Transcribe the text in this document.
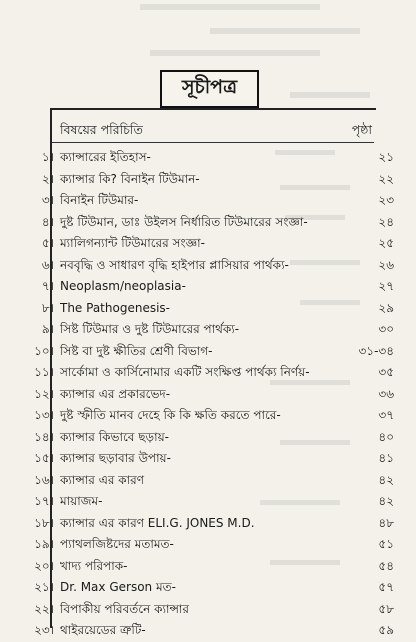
সূচীপত্র
বিষয়ের পরিচিতি	পৃষ্ঠা
১। ক্যান্সারের ইতিহাস-	২১
২। ক্যান্সার কি? বিনাইন টিউমান-	২২
৩। বিনাইন টিউমার-	২৩
৪। দুষ্ট টিউমান, ডাঃ উইলস নির্ধারিত টিউমারের সংজ্ঞা-	২৪
৫। ম্যালিগন্যান্ট টিউমারের সংজ্ঞা-	২৫
৬। নববৃদ্ধি ও সাধারণ বৃদ্ধি হাইপার প্লাসিয়ার পার্থক্য-	২৬
৭। Neoplasm/neoplasia-	২৭
৮। The Pathogenesis-	২৯
৯। সিষ্ট টিউমার ও দুষ্ট টিউমারের পার্থক্য-	৩০
১০। সিষ্ট বা দুষ্ট ক্ষীতির শ্রেণী বিভাগ-	৩১-৩৪
১১। সার্কোমা ও কার্সিনোমার একটি সংক্ষিপ্ত পার্থক্য নির্ণয়-	৩৫
১২। ক্যান্সার এর প্রকারভেদ-	৩৬
১৩। দুষ্ট স্ফীতি মানব দেহে কি কি ক্ষতি করতে পারে-	৩৭
১৪। ক্যান্সার কিভাবে ছড়ায়-	৪০
১৫। ক্যান্সার ছড়াবার উপায়-	৪১
১৬। ক্যান্সার এর কারণ	৪২
১৭। মায়াজম-	৪২
১৮। ক্যান্সার এর কারণ ELI.G. JONES M.D.	৪৮
১৯। প্যাথলজিষ্টদের মতামত-	৫১
২০। খাদ্য পরিপাক-	৫৪
২১। Dr. Max Gerson মত-	৫৭
২২। বিপাকীয় পরিবর্তনে ক্যান্সার	৫৮
২৩। থাইরয়েডের ত্রুটি-	৫৯
